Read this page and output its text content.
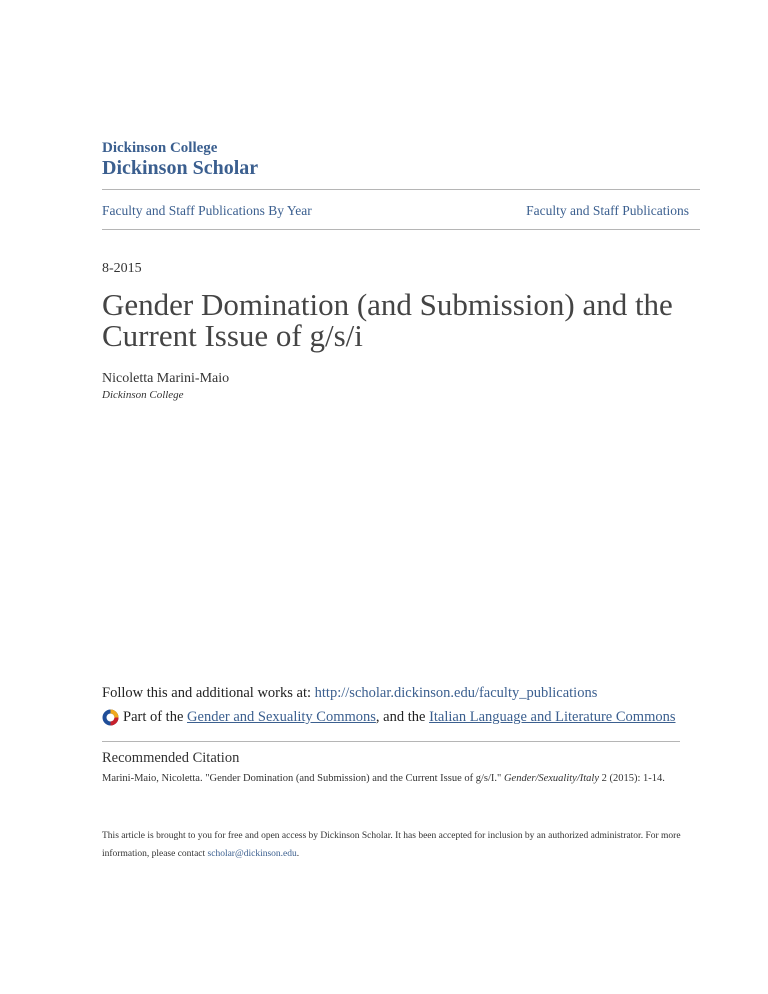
Dickinson College
Dickinson Scholar
Faculty and Staff Publications By Year	Faculty and Staff Publications
8-2015
Gender Domination (and Submission) and the Current Issue of g/s/i
Nicoletta Marini-Maio
Dickinson College
Follow this and additional works at: http://scholar.dickinson.edu/faculty_publications
Part of the Gender and Sexuality Commons , and the Italian Language and Literature Commons
Recommended Citation
Marini-Maio, Nicoletta. "Gender Domination (and Submission) and the Current Issue of g/s/I." Gender/Sexuality/Italy 2 (2015): 1-14.
This article is brought to you for free and open access by Dickinson Scholar. It has been accepted for inclusion by an authorized administrator. For more information, please contact scholar@dickinson.edu.
